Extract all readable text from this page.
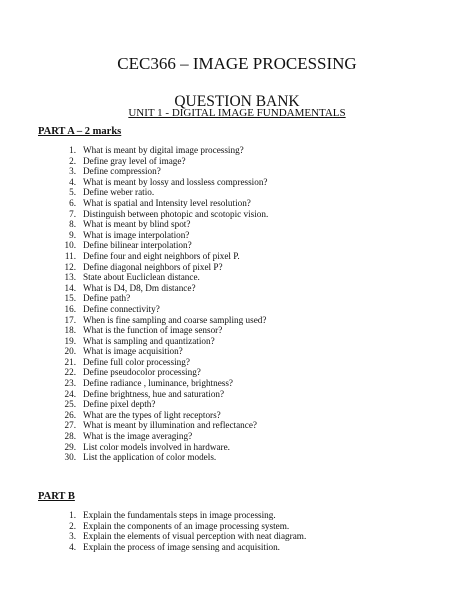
CEC366 – IMAGE PROCESSING
QUESTION BANK
UNIT 1 - DIGITAL IMAGE FUNDAMENTALS
PART A – 2 marks
1. What is meant by digital image processing?
2. Define gray level of image?
3. Define compression?
4. What is meant by lossy and lossless compression?
5. Define weber ratio.
6. What is spatial and Intensity level resolution?
7. Distinguish between photopic and scotopic vision.
8. What is meant by blind spot?
9. What is image interpolation?
10. Define bilinear interpolation?
11. Define four and eight neighbors of pixel P.
12. Define diagonal neighbors of pixel P?
13. State about Eucliclean distance.
14. What is D4, D8, Dm distance?
15. Define path?
16. Define connectivity?
17. When is fine sampling and coarse sampling used?
18. What is the function of image sensor?
19. What is sampling and quantization?
20. What is image acquisition?
21. Define full color processing?
22. Define pseudocolor processing?
23. Define radiance , luminance, brightness?
24. Define brightness, hue and saturation?
25. Define pixel depth?
26. What are the types of light receptors?
27. What is meant by illumination and reflectance?
28. What is the image averaging?
29. List color models involved in hardware.
30. List the application of color models.
PART B
1. Explain the fundamentals steps in image processing.
2. Explain the components of an image processing system.
3. Explain the elements of visual perception with neat diagram.
4. Explain the process of image sensing and acquisition.
